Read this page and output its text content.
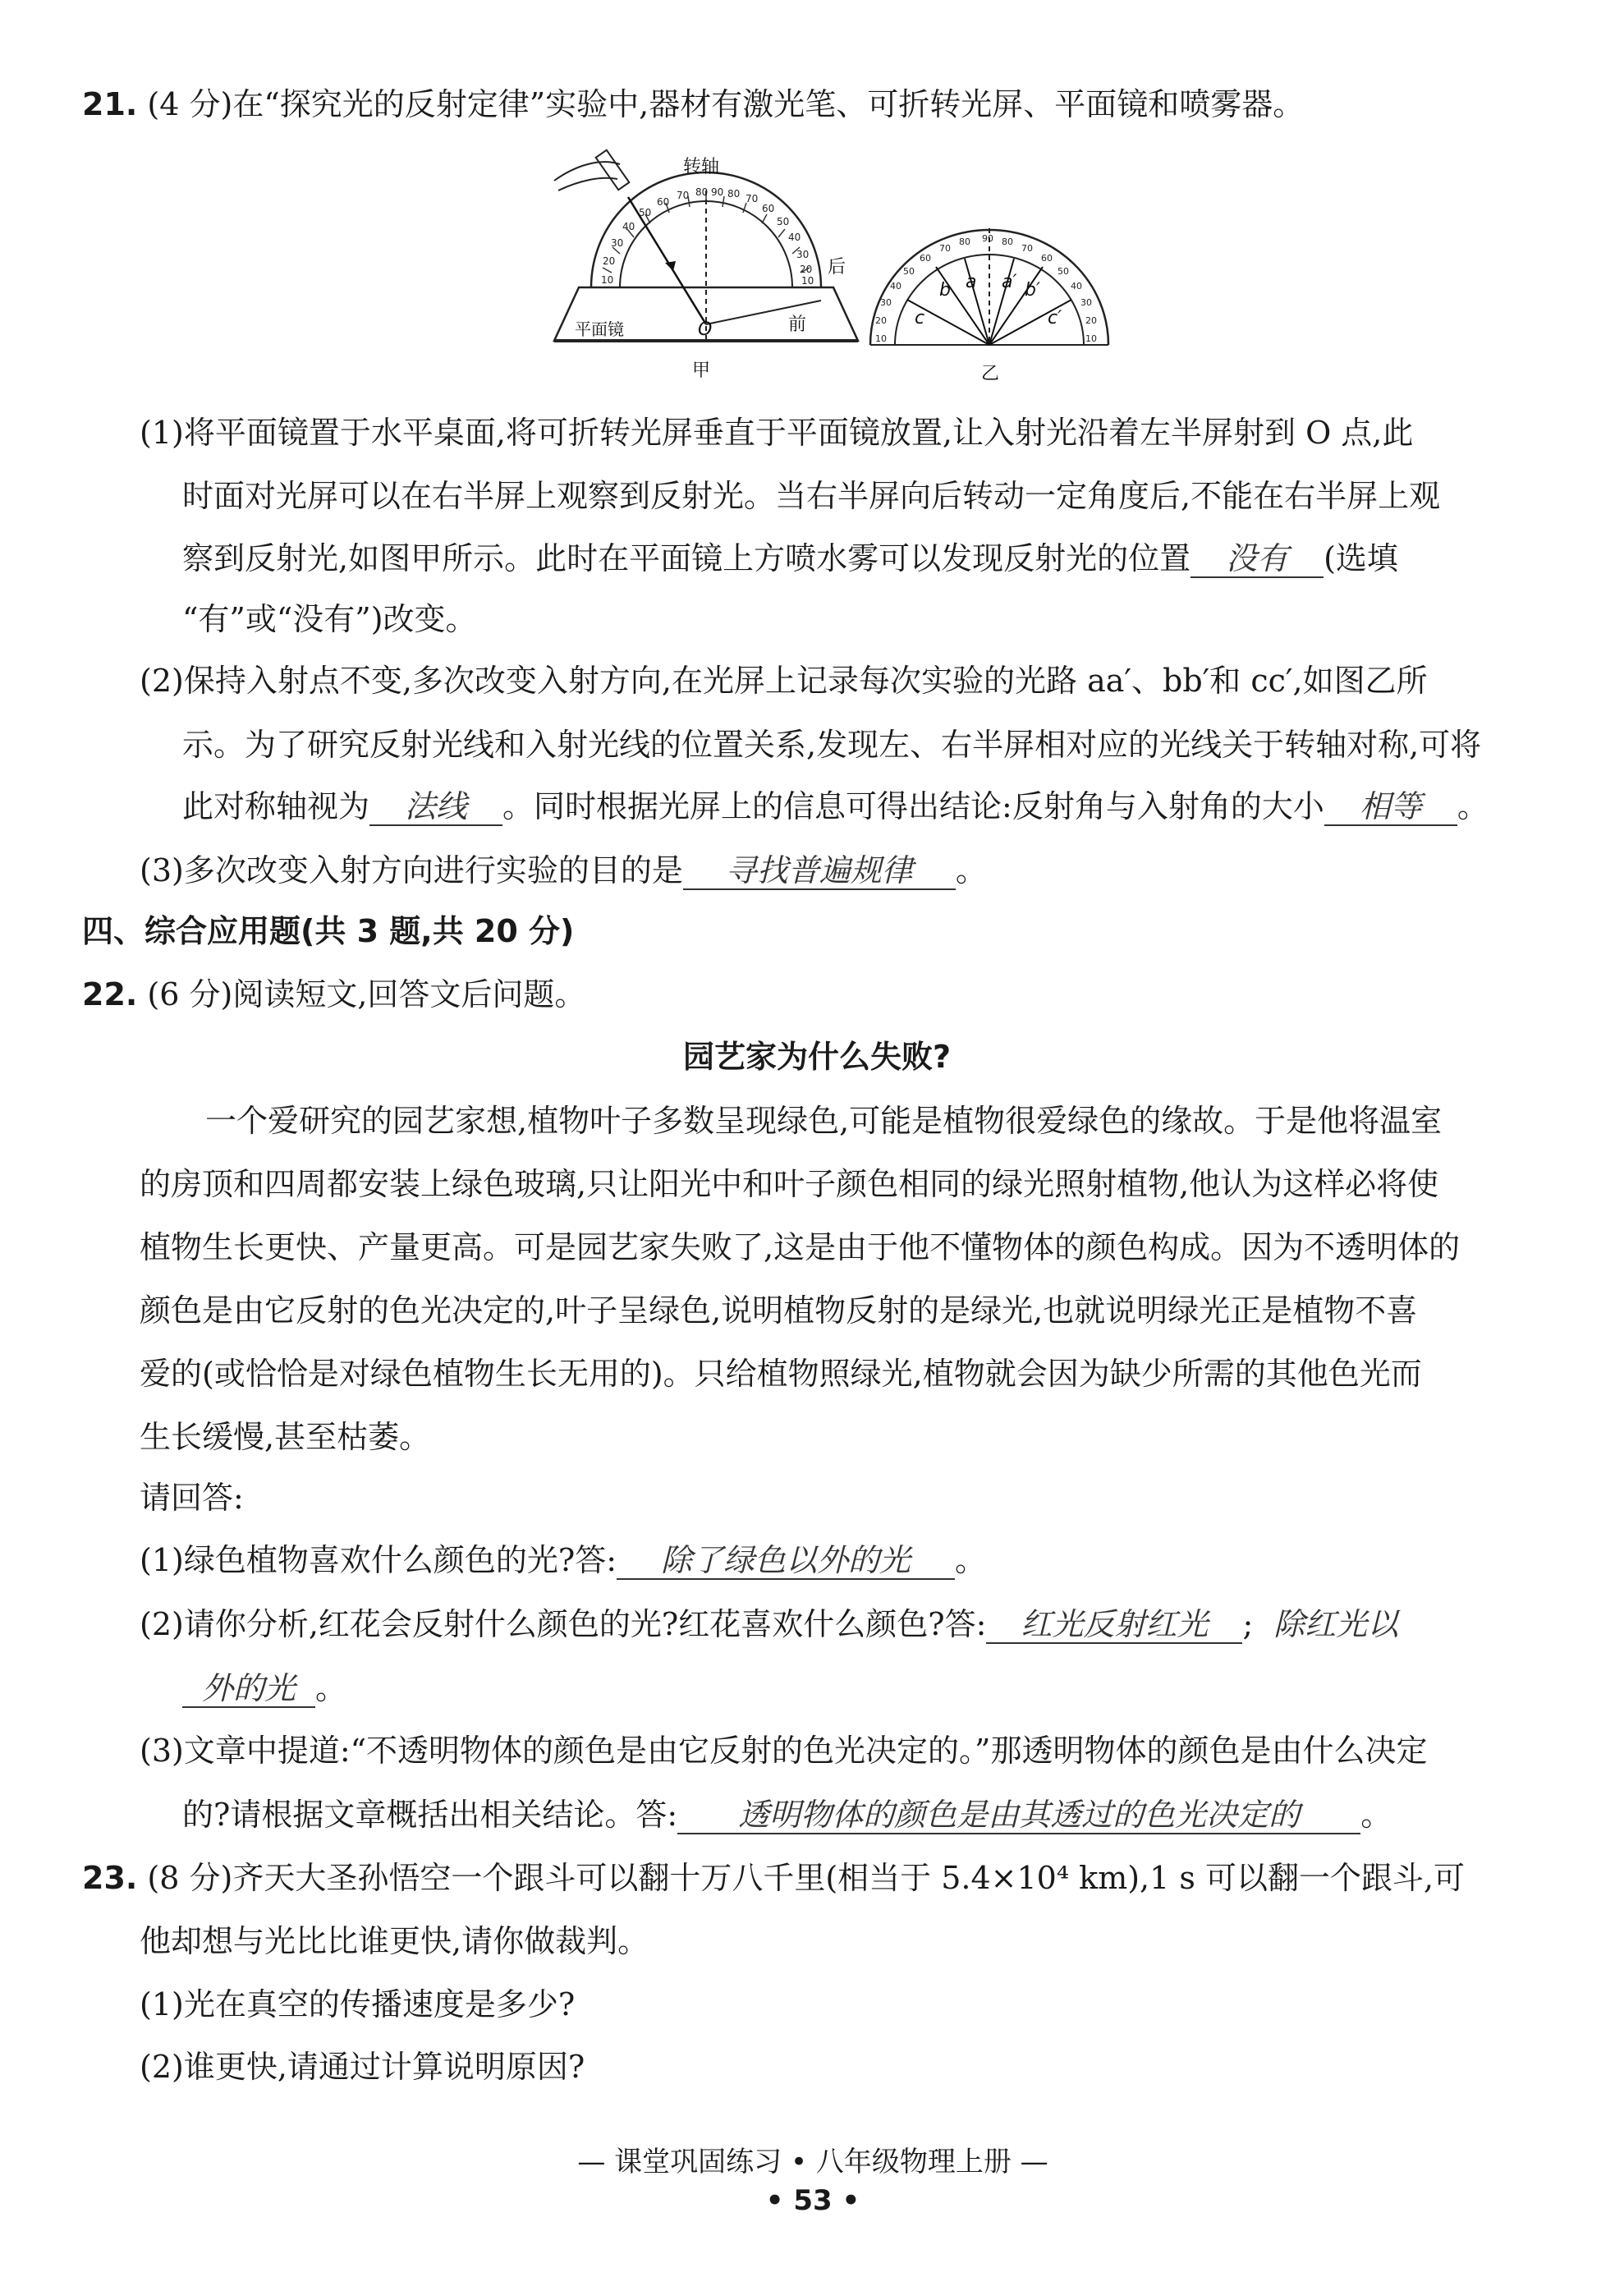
21. (4 分)在“探究光的反射定律”实验中,器材有激光笔、可折转光屏、平面镜和喷雾器。
10
20
30
40
50
60
70 80 90 80 70
60
50
40
30
20
10
转轴
O
后
前
平面镜
甲
10
20
30
40
50
60
70
80 90 80
70
60
50
40
30
20
10
a
b
c
a′ b′
c′
乙
(1)将平面镜置于水平桌面,将可折转光屏垂直于平面镜放置,让入射光沿着左半屏射到 O 点,此
时面对光屏可以在右半屏上观察到反射光。当右半屏向后转动一定角度后,不能在右半屏上观
察到反射光,如图甲所示。此时在平面镜上方喷水雾可以发现反射光的位置 没有 (选填
“有”或“没有”)改变。
(2)保持入射点不变,多次改变入射方向,在光屏上记录每次实验的光路 aa′、bb′和 cc′,如图乙所
示。为了研究反射光线和入射光线的位置关系,发现左、右半屏相对应的光线关于转轴对称,可将
此对称轴视为 法线 。同时根据光屏上的信息可得出结论:反射角与入射角的大小 相等 。
(3)多次改变入射方向进行实验的目的是 寻找普遍规律 。
四、综合应用题(共 3 题,共 20 分)
22. (6 分)阅读短文,回答文后问题。
园艺家为什么失败?
一个爱研究的园艺家想,植物叶子多数呈现绿色,可能是植物很爱绿色的缘故。于是他将温室
的房顶和四周都安装上绿色玻璃,只让阳光中和叶子颜色相同的绿光照射植物,他认为这样必将使
植物生长更快、产量更高。可是园艺家失败了,这是由于他不懂物体的颜色构成。因为不透明体的
颜色是由它反射的色光决定的,叶子呈绿色,说明植物反射的是绿光,也就说明绿光正是植物不喜
爱的(或恰恰是对绿色植物生长无用的)。只给植物照绿光,植物就会因为缺少所需的其他色光而
生长缓慢,甚至枯萎。
请回答:
(1)绿色植物喜欢什么颜色的光?答: 除了绿色以外的光 。
(2)请你分析,红花会反射什么颜色的光?红花喜欢什么颜色?答: 红光反射红光 ; 除红光以
外的光 。
(3)文章中提道:“不透明物体的颜色是由它反射的色光决定的。”那透明物体的颜色是由什么决定
的?请根据文章概括出相关结论。答: 透明物体的颜色是由其透过的色光决定的 。
23. (8 分)齐天大圣孙悟空一个跟斗可以翻十万八千里(相当于 5.4×10⁴ km),1 s 可以翻一个跟斗,可
他却想与光比比谁更快,请你做裁判。
(1)光在真空的传播速度是多少?
(2)谁更快,请通过计算说明原因?
— 课堂巩固练习 • 八年级物理上册 —
• 53 •
